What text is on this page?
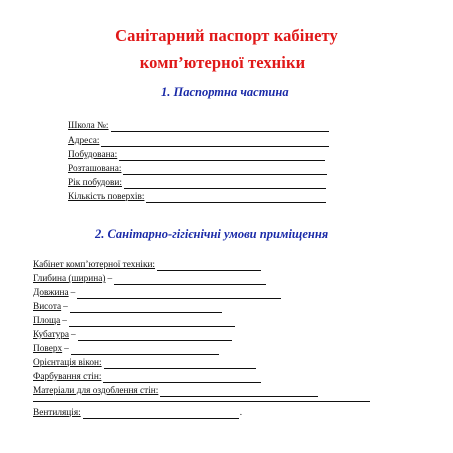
Санітарний паспорт кабінету
комп’ютерної техніки
1. Паспортна частина
Школа №:
Адреса:
Побудована:
Розташована:
Рік побудови:
Кількість поверхів:
2. Санітарно-гігієнічні умови приміщення
Кабінет комп’ютерної техніки:
Глибина (ширина) –
Довжина –
Висота –
Площа –
Кубатура –
Поверх –
Орієнтація вікон:
Фарбування стін:
Матеріали для оздоблення стін:
Вентиляція:	.
